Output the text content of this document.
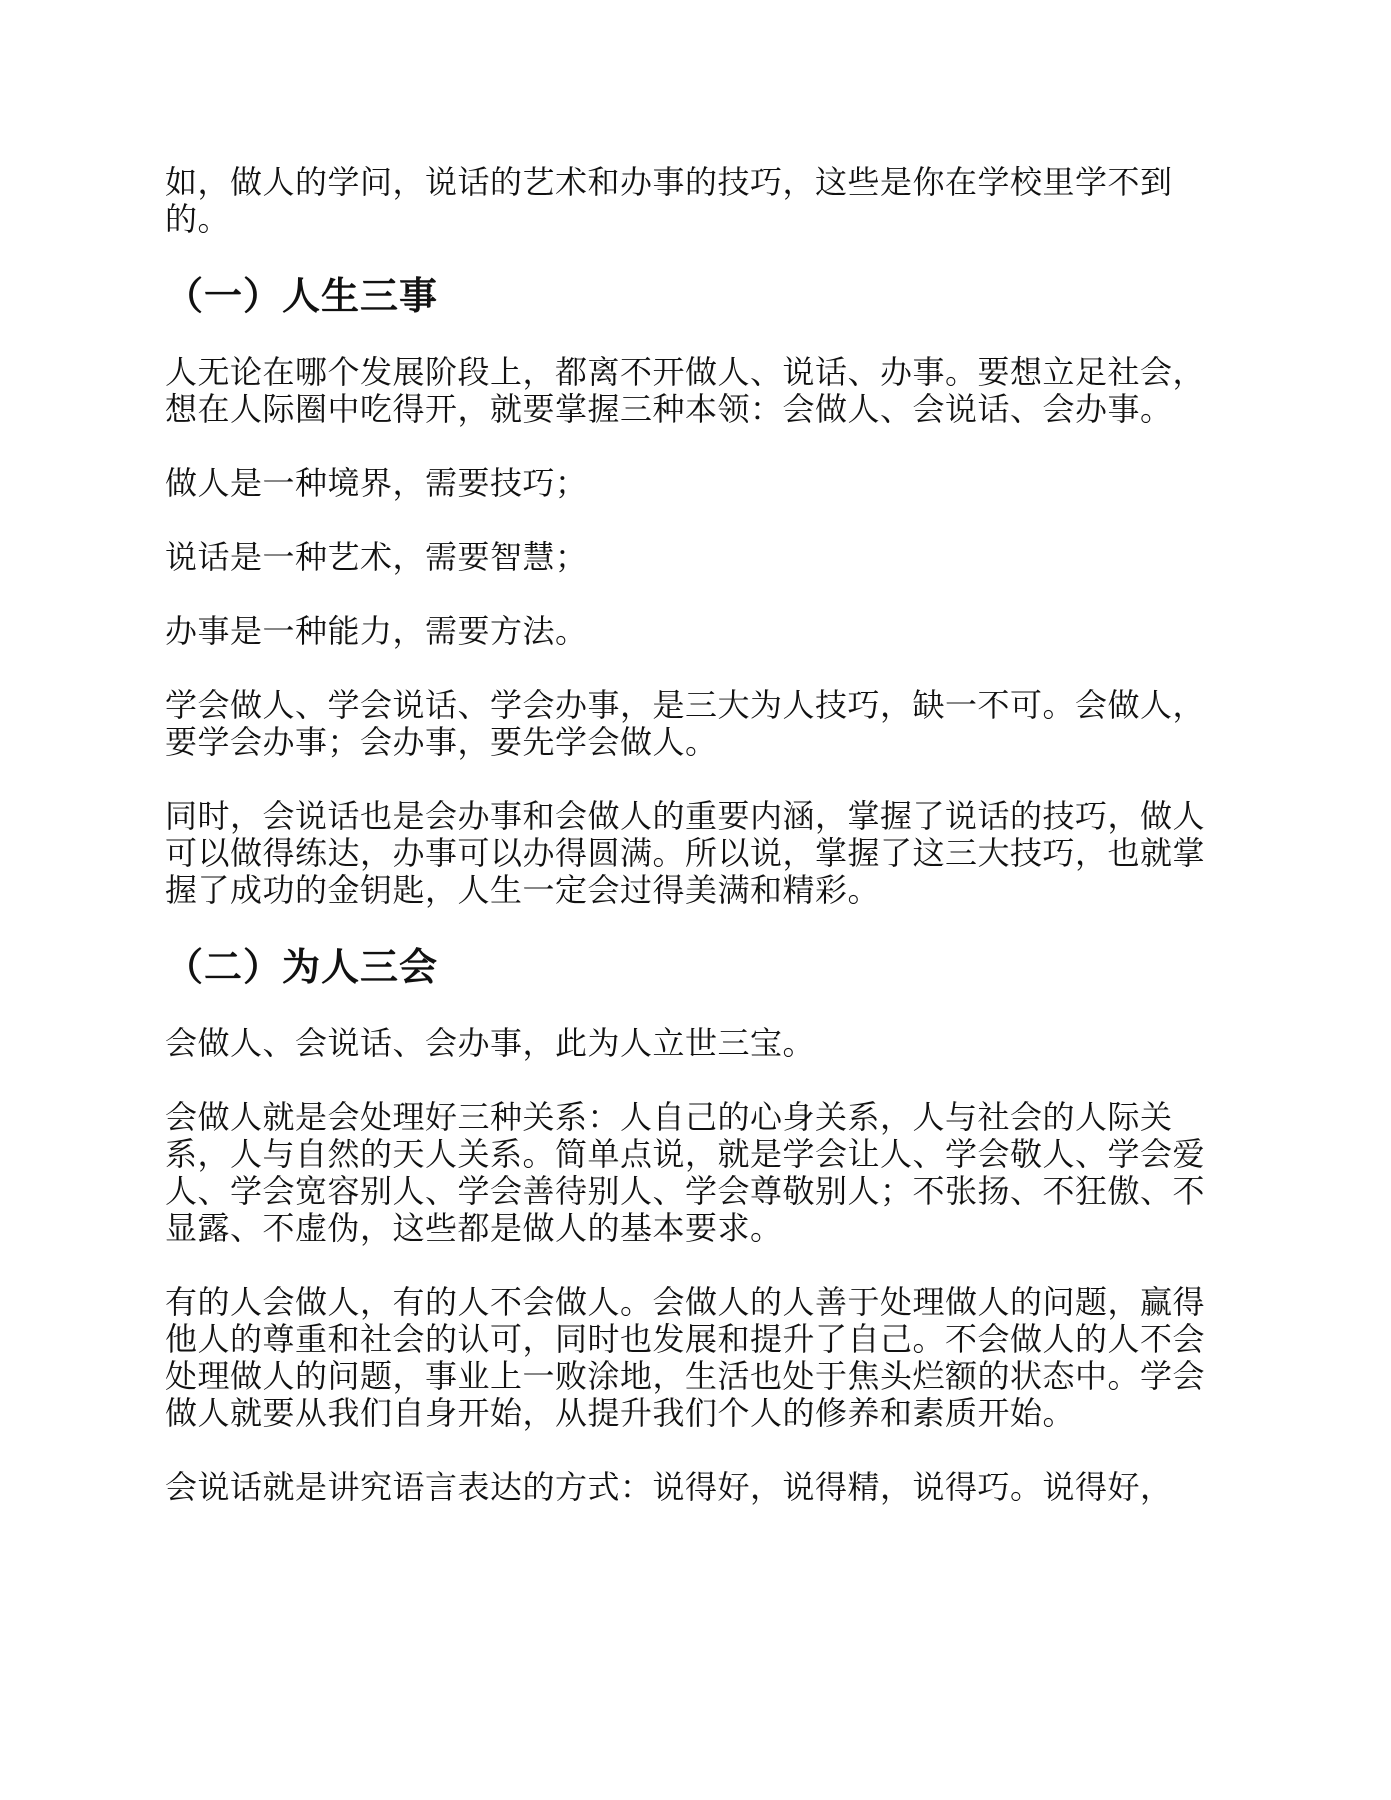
如，做人的学问，说话的艺术和办事的技巧，这些是你在学校里学不到的。

（一）人生三事

人无论在哪个发展阶段上，都离不开做人、说话、办事。要想立足社会，想在人际圈中吃得开，就要掌握三种本领：会做人、会说话、会办事。

做人是一种境界，需要技巧；

说话是一种艺术，需要智慧；

办事是一种能力，需要方法。

学会做人、学会说话、学会办事，是三大为人技巧，缺一不可。会做人，要学会办事；会办事，要先学会做人。

同时，会说话也是会办事和会做人的重要内涵，掌握了说话的技巧，做人可以做得练达，办事可以办得圆满。所以说，掌握了这三大技巧，也就掌握了成功的金钥匙，人生一定会过得美满和精彩。

（二）为人三会

会做人、会说话、会办事，此为人立世三宝。

会做人就是会处理好三种关系：人自己的心身关系，人与社会的人际关系，人与自然的天人关系。简单点说，就是学会让人、学会敬人、学会爱人、学会宽容别人、学会善待别人、学会尊敬别人；不张扬、不狂傲、不显露、不虚伪，这些都是做人的基本要求。

有的人会做人，有的人不会做人。会做人的人善于处理做人的问题，赢得他人的尊重和社会的认可，同时也发展和提升了自己。不会做人的人不会处理做人的问题，事业上一败涂地，生活也处于焦头烂额的状态中。学会做人就要从我们自身开始，从提升我们个人的修养和素质开始。

会说话就是讲究语言表达的方式：说得好，说得精，说得巧。说得好，
